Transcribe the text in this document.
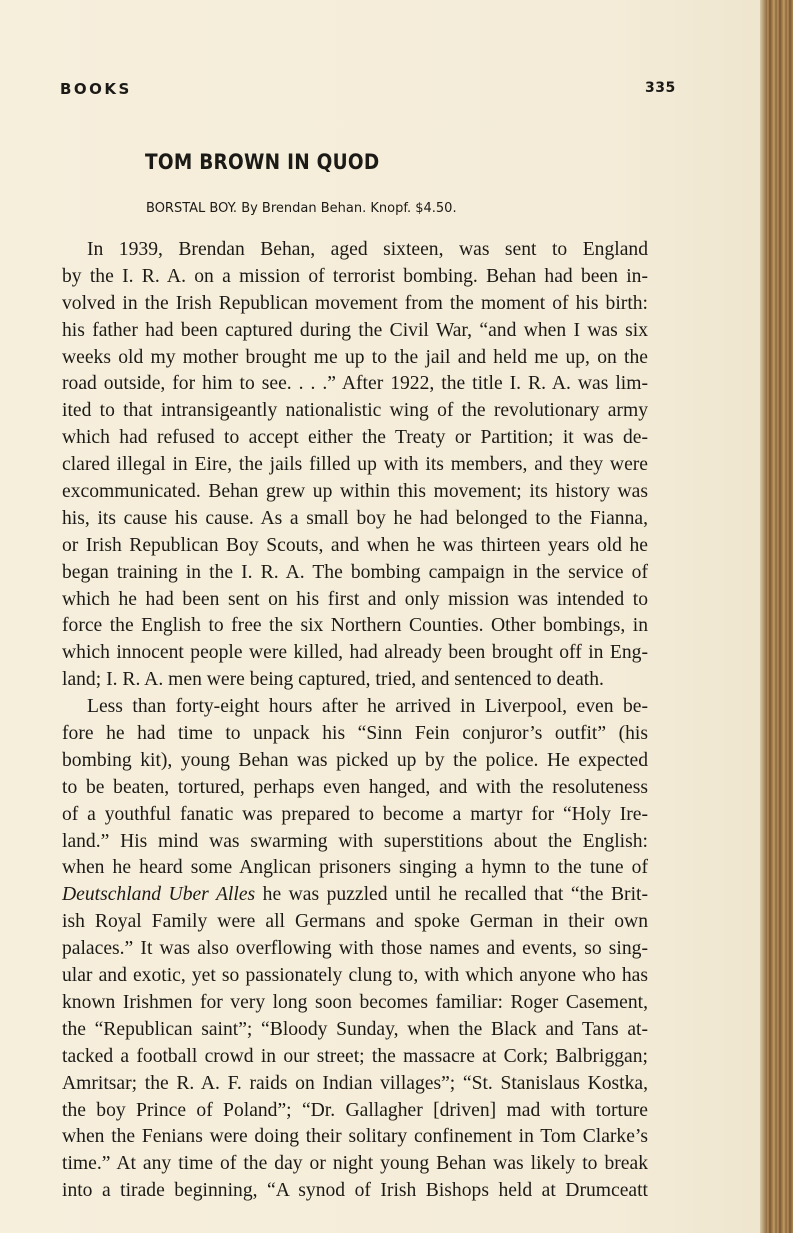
BOOKS	335
TOM BROWN IN QUOD
BORSTAL BOY. By Brendan Behan. Knopf. $4.50.
In 1939, Brendan Behan, aged sixteen, was sent to England
by the I. R. A. on a mission of terrorist bombing. Behan had been in-
volved in the Irish Republican movement from the moment of his birth:
his father had been captured during the Civil War, “and when I was six
weeks old my mother brought me up to the jail and held me up, on the
road outside, for him to see. . . .” After 1922, the title I. R. A. was lim-
ited to that intransigeantly nationalistic wing of the revolutionary army
which had refused to accept either the Treaty or Partition; it was de-
clared illegal in Eire, the jails filled up with its members, and they were
excommunicated. Behan grew up within this movement; its history was
his, its cause his cause. As a small boy he had belonged to the Fianna,
or Irish Republican Boy Scouts, and when he was thirteen years old he
began training in the I. R. A. The bombing campaign in the service of
which he had been sent on his first and only mission was intended to
force the English to free the six Northern Counties. Other bombings, in
which innocent people were killed, had already been brought off in Eng-
land; I. R. A. men were being captured, tried, and sentenced to death.
Less than forty-eight hours after he arrived in Liverpool, even be-
fore he had time to unpack his “Sinn Fein conjuror’s outfit” (his
bombing kit), young Behan was picked up by the police. He expected
to be beaten, tortured, perhaps even hanged, and with the resoluteness
of a youthful fanatic was prepared to become a martyr for “Holy Ire-
land.” His mind was swarming with superstitions about the English:
when he heard some Anglican prisoners singing a hymn to the tune of
Deutschland Uber Alles he was puzzled until he recalled that “the Brit-
ish Royal Family were all Germans and spoke German in their own
palaces.” It was also overflowing with those names and events, so sing-
ular and exotic, yet so passionately clung to, with which anyone who has
known Irishmen for very long soon becomes familiar: Roger Casement,
the “Republican saint”; “Bloody Sunday, when the Black and Tans at-
tacked a football crowd in our street; the massacre at Cork; Balbriggan;
Amritsar; the R. A. F. raids on Indian villages”; “St. Stanislaus Kostka,
the boy Prince of Poland”; “Dr. Gallagher [driven] mad with torture
when the Fenians were doing their solitary confinement in Tom Clarke’s
time.” At any time of the day or night young Behan was likely to break
into a tirade beginning, “A synod of Irish Bishops held at Drumceatt
